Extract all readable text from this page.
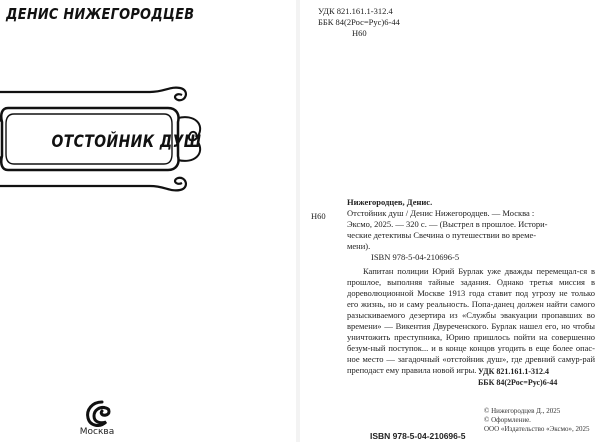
ДЕНИС НИЖЕГОРОДЦЕВ
ОТСТОЙНИК ДУШ
Москва
УДК 821.161.1-312.4
ББК 84(2Рос=Рус)6-44
Н60
Н60
Нижегородцев, Денис.
Отстойник душ / Денис Нижегородцев. — Москва :
Эксмо, 2025. — 320 с. — (Выстрел в прошлое. Истори-
ческие детективы Свечина о путешествии во време-
мени).
ISBN 978-5-04-210696-5
Капитан полиции Юрий Бурлак уже дважды перемещал-ся в прошлое, выполняя тайные задания. Однако третья миссия в дореволюционной Москве 1913 года ставит под угрозу не только его жизнь, но и саму реальность. Попа-данец должен найти самого разыскиваемого дезертира из «Службы эвакуации пропавших во времени» — Викентия Двуреченского. Бурлак нашел его, но чтобы уничтожить преступника, Юрию пришлось пойти на совершенно безум-ный поступок... и в конце концов угодить в еще более опас-ное место — загадочный «отстойник душ», где древний самур-рай преподаст ему правила новой игры. УДК 821.161.1-312.4
ББК 84(2Рос=Рус)6-44
© Нижегородцев Д., 2025
© Оформление.
ООО «Издательство «Эксмо», 2025
ISBN 978-5-04-210696-5
